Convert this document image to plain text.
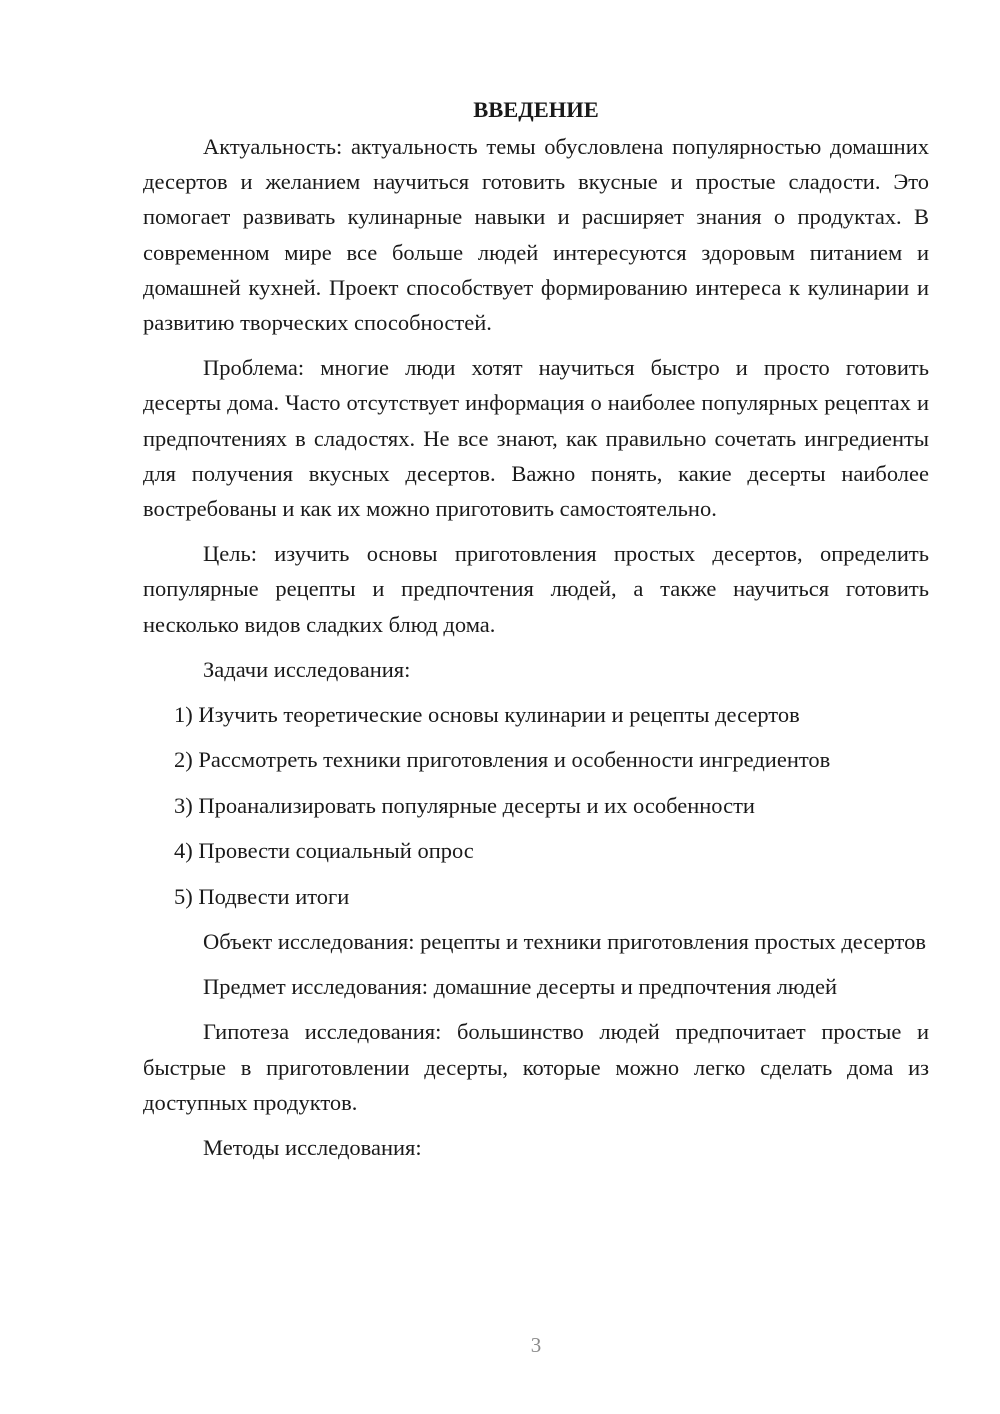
ВВЕДЕНИЕ

Актуальность: актуальность темы обусловлена популярностью домашних десертов и желанием научиться готовить вкусные и простые сладости. Это помогает развивать кулинарные навыки и расширяет знания о продуктах. В современном мире все больше людей интересуются здоровым питанием и домашней кухней. Проект способствует формированию интереса к кулинарии и развитию творческих способностей.

Проблема: многие люди хотят научиться быстро и просто готовить десерты дома. Часто отсутствует информация о наиболее популярных рецептах и предпочтениях в сладостях. Не все знают, как правильно сочетать ингредиенты для получения вкусных десертов. Важно понять, какие десерты наиболее востребованы и как их можно приготовить самостоятельно.

Цель: изучить основы приготовления простых десертов, определить популярные рецепты и предпочтения людей, а также научиться готовить несколько видов сладких блюд дома.

Задачи исследования:

1) Изучить теоретические основы кулинарии и рецепты десертов
2) Рассмотреть техники приготовления и особенности ингредиентов
3) Проанализировать популярные десерты и их особенности
4) Провести социальный опрос
5) Подвести итоги

Объект исследования: рецепты и техники приготовления простых десертов

Предмет исследования: домашние десерты и предпочтения людей

Гипотеза исследования: большинство людей предпочитает простые и быстрые в приготовлении десерты, которые можно легко сделать дома из доступных продуктов.

Методы исследования:

3
